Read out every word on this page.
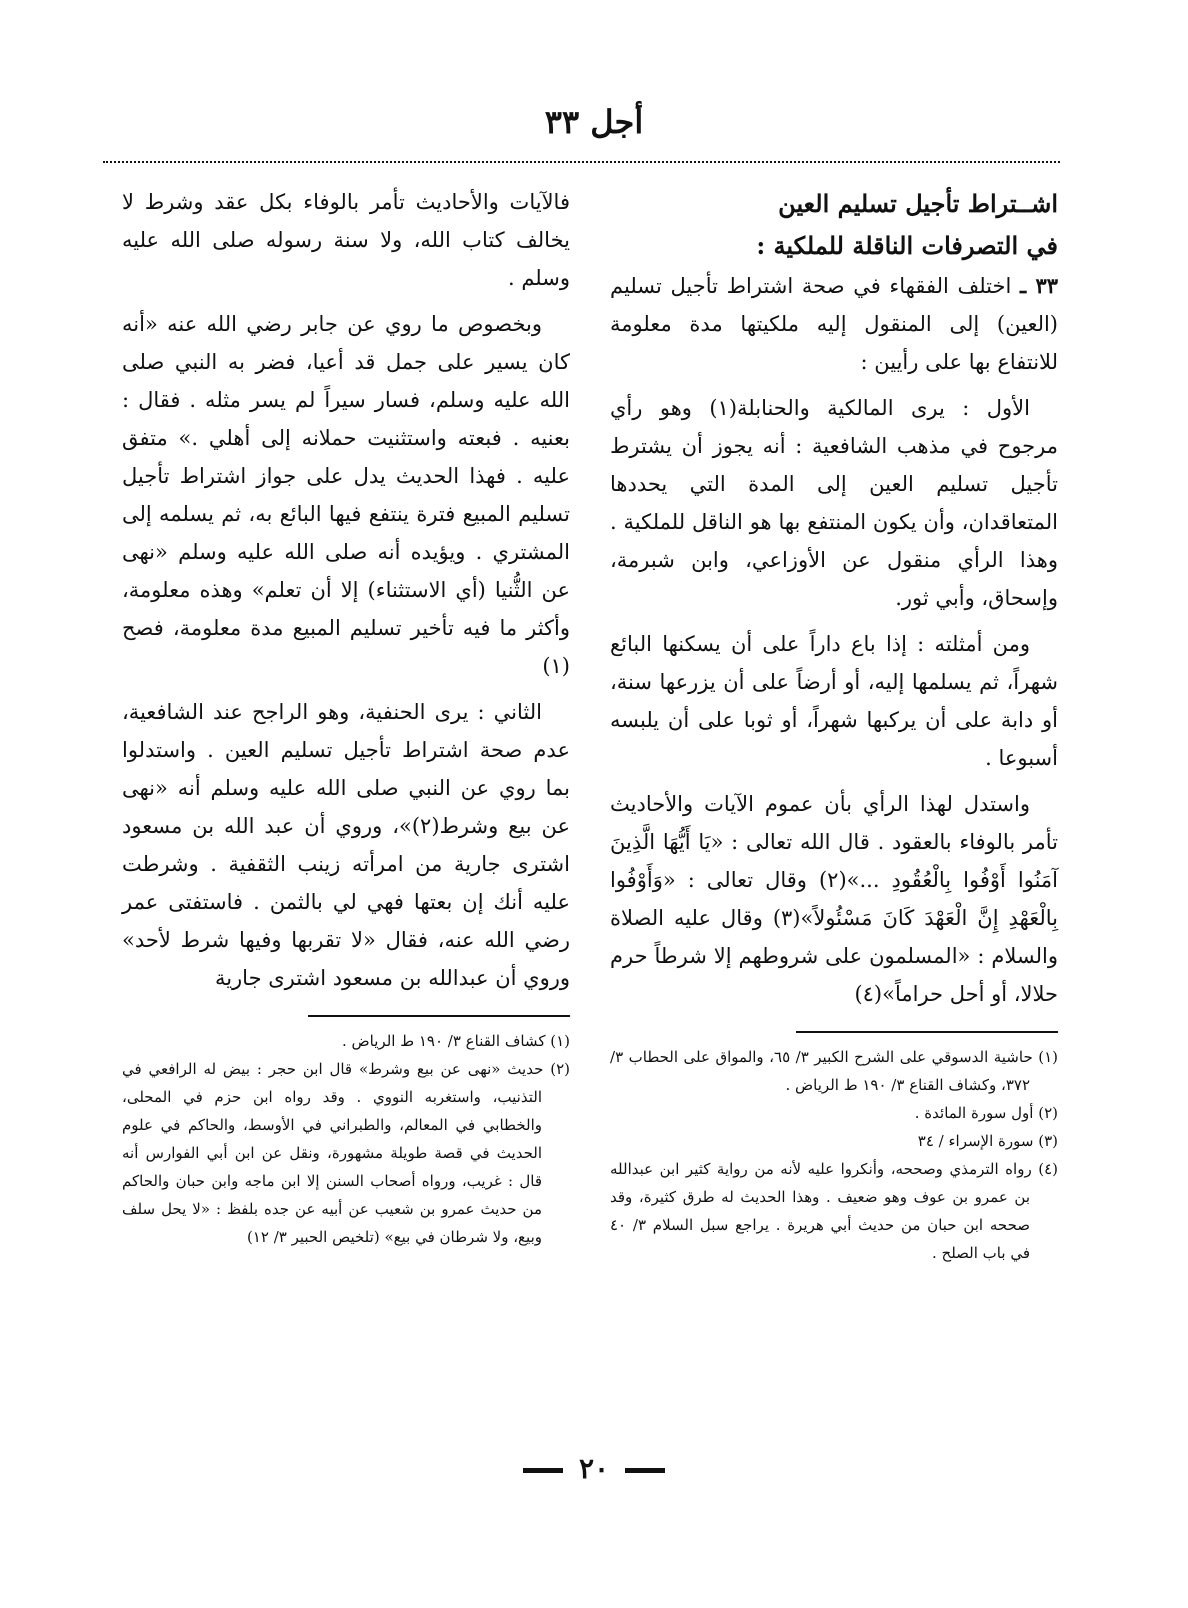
أجل ٣٣
اشــتراط تأجيل تسليم العين
في التصرفات الناقلة للملكية :

٣٣ ـ اختلف الفقهاء في صحة اشتراط تأجيل تسليم (العين) إلى المنقول إليه ملكيتها مدة معلومة للانتفاع بها على رأيين :

الأول : يرى المالكية والحنابلة(١) وهو رأي مرجوح في مذهب الشافعية : أنه يجوز أن يشترط تأجيل تسليم العين إلى المدة التي يحددها المتعاقدان، وأن يكون المنتفع بها هو الناقل للملكية . وهذا الرأي منقول عن الأوزاعي، وابن شبرمة، وإسحاق، وأبي ثور.

ومن أمثلته : إذا باع داراً على أن يسكنها البائع شهراً، ثم يسلمها إليه، أو أرضاً على أن يزرعها سنة، أو دابة على أن يركبها شهراً، أو ثوبا على أن يلبسه أسبوعا .

واستدل لهذا الرأي بأن عموم الآيات والأحاديث تأمر بالوفاء بالعقود . قال الله تعالى : «يَا أَيُّهَا الَّذِينَ آمَنُوا أَوْفُوا بِالْعُقُودِ ...»(٢) وقال تعالى : «وَأَوْفُوا بِالْعَهْدِ إِنَّ الْعَهْدَ كَانَ مَسْئُولاً»(٣) وقال عليه الصلاة والسلام : «المسلمون على شروطهم إلا شرطاً حرم حلالا، أو أحل حراماً»(٤)

(١) حاشية الدسوقي على الشرح الكبير ٣/ ٦٥، والمواق على الحطاب ٣/ ٣٧٢، وكشاف القناع ٣/ ١٩٠ ط الرياض .

(٢) أول سورة المائدة .

(٣) سورة الإسراء / ٣٤

(٤) رواه الترمذي وصححه، وأنكروا عليه لأنه من رواية كثير ابن عبدالله بن عمرو بن عوف وهو ضعيف . وهذا الحديث له طرق كثيرة، وقد صححه ابن حبان من حديث أبي هريرة . يراجع سبل السلام ٣/ ٤٠ في باب الصلح .

فالآيات والأحاديث تأمر بالوفاء بكل عقد وشرط لا يخالف كتاب الله، ولا سنة رسوله صلى الله عليه وسلم .

وبخصوص ما روي عن جابر رضي الله عنه «أنه كان يسير على جمل قد أعيا، فضر به النبي صلى الله عليه وسلم، فسار سيراً لم يسر مثله . فقال : بعنيه . فبعته واستثنيت حملانه إلى أهلي .» متفق عليه . فهذا الحديث يدل على جواز اشتراط تأجيل تسليم المبيع فترة ينتفع فيها البائع به، ثم يسلمه إلى المشتري . ويؤيده أنه صلى الله عليه وسلم «نهى عن الثُّنيا (أي الاستثناء) إلا أن تعلم» وهذه معلومة، وأكثر ما فيه تأخير تسليم المبيع مدة معلومة، فصح (١)

الثاني : يرى الحنفية، وهو الراجح عند الشافعية، عدم صحة اشتراط تأجيل تسليم العين . واستدلوا بما روي عن النبي صلى الله عليه وسلم أنه «نهى عن بيع وشرط(٢)»، وروي أن عبد الله بن مسعود اشترى جارية من امرأته زينب الثقفية . وشرطت عليه أنك إن بعتها فهي لي بالثمن . فاستفتى عمر رضي الله عنه، فقال «لا تقربها وفيها شرط لأحد» وروي أن عبدالله بن مسعود اشترى جارية

(١) كشاف القناع ٣/ ١٩٠ ط الرياض .

(٢) حديث «نهى عن بيع وشرط» قال ابن حجر : بيض له الرافعي في التذنيب، واستغربه النووي . وقد رواه ابن حزم في المحلى، والخطابي في المعالم، والطبراني في الأوسط، والحاكم في علوم الحديث في قصة طويلة مشهورة، ونقل عن ابن أبي الفوارس أنه قال : غريب، ورواه أصحاب السنن إلا ابن ماجه وابن حبان والحاكم من حديث عمرو بن شعيب عن أبيه عن جده بلفظ : «لا يحل سلف وبيع، ولا شرطان في بيع» (تلخيص الحبير ٣/ ١٢)

٢٠
